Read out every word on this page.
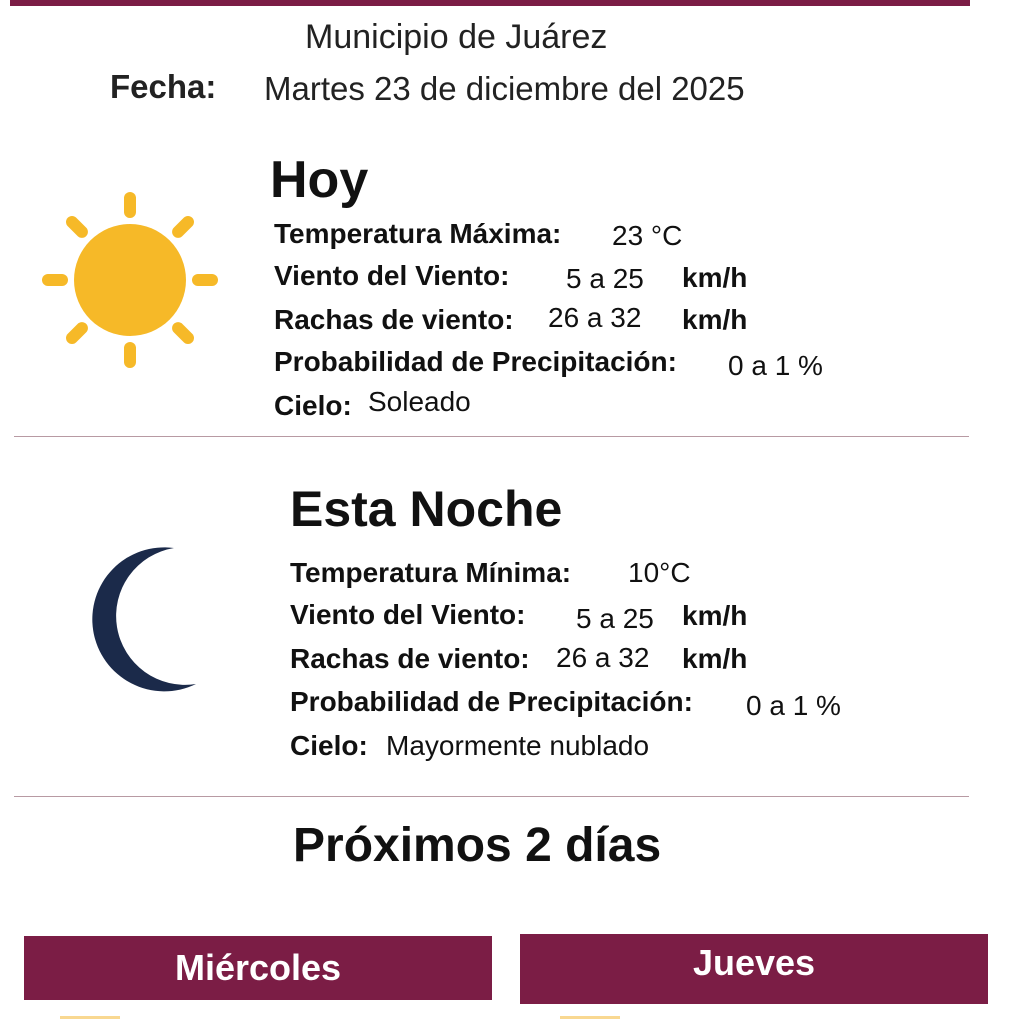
Municipio de Juárez
Fecha: Martes 23 de diciembre del 2025
Hoy
Temperatura Máxima: 23 °C
Viento del Viento: 5 a 25 km/h
Rachas de viento: 26 a 32 km/h
Probabilidad de Precipitación: 0 a 1 %
Cielo: Soleado
Esta Noche
Temperatura Mínima: 10°C
Viento del Viento: 5 a 25 km/h
Rachas de viento: 26 a 32 km/h
Probabilidad de Precipitación: 0 a 1 %
Cielo: Mayormente nublado
Próximos 2 días
Miércoles	Jueves
